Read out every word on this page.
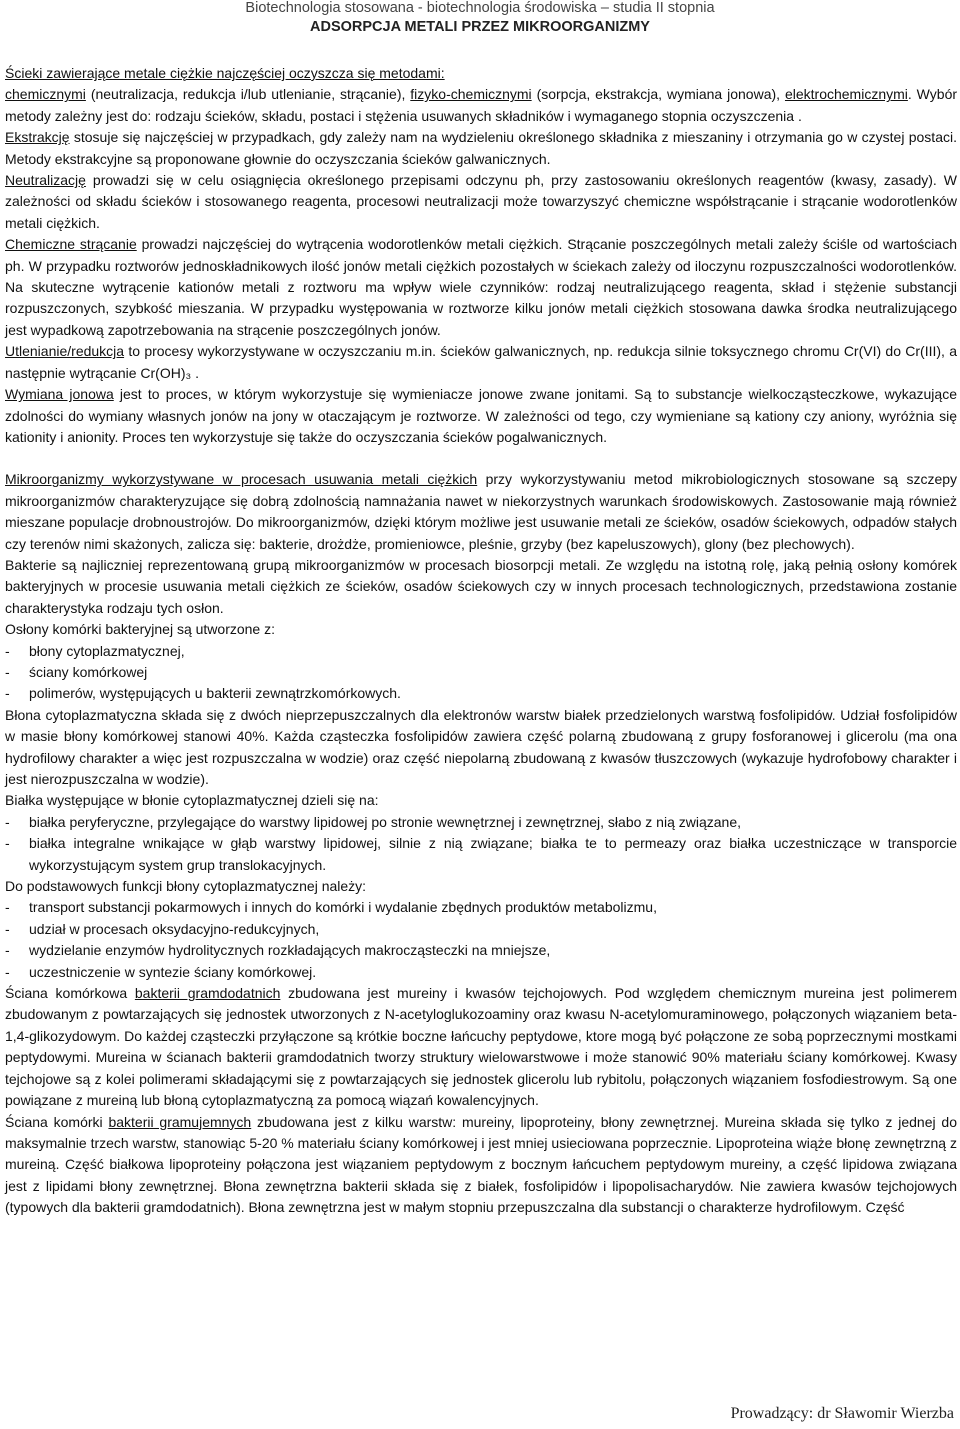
Biotechnologia stosowana - biotechnologia środowiska – studia II stopnia
ADSORPCJA METALI PRZEZ MIKROORGANIZMY

Ścieki zawierające metale ciężkie najczęściej oczyszcza się metodami:

chemicznymi (neutralizacja, redukcja i/lub utlenianie, strącanie), fizyko-chemicznymi (sorpcja, ekstrakcja, wymiana jonowa), elektrochemicznymi. Wybór metody zależny jest do: rodzaju ścieków, składu, postaci i stężenia usuwanych składników i wymaganego stopnia oczyszczenia .

Ekstrakcję stosuje się najczęściej w przypadkach, gdy zależy nam na wydzieleniu określonego składnika z mieszaniny i otrzymania go w czystej postaci. Metody ekstrakcyjne są proponowane głownie do oczyszczania ścieków galwanicznych.

Neutralizację prowadzi się w celu osiągnięcia określonego przepisami odczynu ph, przy zastosowaniu określonych reagentów (kwasy, zasady). W zależności od składu ścieków i stosowanego reagenta, procesowi neutralizacji może towarzyszyć chemiczne współstrącanie i strącanie wodorotlenków metali ciężkich.

Chemiczne strącanie prowadzi najczęściej do wytrącenia wodorotlenków metali ciężkich. Strącanie poszczególnych metali zależy ściśle od wartościach ph. W przypadku roztworów jednoskładnikowych ilość jonów metali ciężkich pozostałych w ściekach zależy od iloczynu rozpuszczalności wodorotlenków. Na skuteczne wytrącenie kationów metali z roztworu ma wpływ wiele czynników: rodzaj neutralizującego reagenta, skład i stężenie substancji rozpuszczonych, szybkość mieszania. W przypadku występowania w roztworze kilku jonów metali ciężkich stosowana dawka środka neutralizującego jest wypadkową zapotrzebowania na strącenie poszczególnych jonów.

Utlenianie/redukcja to procesy wykorzystywane w oczyszczaniu m.in. ścieków galwanicznych, np. redukcja silnie toksycznego chromu Cr(VI) do Cr(III), a następnie wytrącanie Cr(OH)₃ .

Wymiana jonowa jest to proces, w którym wykorzystuje się wymieniacze jonowe zwane jonitami. Są to substancje wielkocząsteczkowe, wykazujące zdolności do wymiany własnych jonów na jony w otaczającym je roztworze. W zależności od tego, czy wymieniane są kationy czy aniony, wyróżnia się kationity i anionity. Proces ten wykorzystuje się także do oczyszczania ścieków pogalwanicznych.

Mikroorganizmy wykorzystywane w procesach usuwania metali ciężkich przy wykorzystywaniu metod mikrobiologicznych stosowane są szczepy mikroorganizmów charakteryzujące się dobrą zdolnością namnażania nawet w niekorzystnych warunkach środowiskowych. Zastosowanie mają również mieszane populacje drobnoustrojów. Do mikroorganizmów, dzięki którym możliwe jest usuwanie metali ze ścieków, osadów ściekowych, odpadów stałych czy terenów nimi skażonych, zalicza się: bakterie, drożdże, promieniowce, pleśnie, grzyby (bez kapeluszowych), glony (bez plechowych).

Bakterie są najliczniej reprezentowaną grupą mikroorganizmów w procesach biosorpcji metali. Ze względu na istotną rolę, jaką pełnią osłony komórek bakteryjnych w procesie usuwania metali ciężkich ze ścieków, osadów ściekowych czy w innych procesach technologicznych, przedstawiona zostanie charakterystyka rodzaju tych osłon.

Osłony komórki bakteryjnej są utworzone z:

- błony cytoplazmatycznej,
- ściany komórkowej
- polimerów, występujących u bakterii zewnątrzkomórkowych.

Błona cytoplazmatyczna składa się z dwóch nieprzepuszczalnych dla elektronów warstw białek przedzielonych warstwą fosfolipidów. Udział fosfolipidów w masie błony komórkowej stanowi 40%. Każda cząsteczka fosfolipidów zawiera część polarną zbudowaną z grupy fosforanowej i glicerolu (ma ona hydrofilowy charakter a więc jest rozpuszczalna w wodzie) oraz część niepolarną zbudowaną z kwasów tłuszczowych (wykazuje hydrofobowy charakter i jest nierozpuszczalna w wodzie).

Białka występujące w błonie cytoplazmatycznej dzieli się na:

- białka peryferyczne, przylegające do warstwy lipidowej po stronie wewnętrznej i zewnętrznej, słabo z nią związane,
- białka integralne wnikające w głąb warstwy lipidowej, silnie z nią związane; białka te to permeazy oraz białka uczestniczące w transporcie wykorzystującym system grup translokacyjnych.

Do podstawowych funkcji błony cytoplazmatycznej należy:

- transport substancji pokarmowych i innych do komórki i wydalanie zbędnych produktów metabolizmu,
- udział w procesach oksydacyjno-redukcyjnych,
- wydzielanie enzymów hydrolitycznych rozkładających makrocząsteczki na mniejsze,
- uczestniczenie w syntezie ściany komórkowej.

Ściana komórkowa bakterii gramdodatnich zbudowana jest mureiny i kwasów tejchojowych. Pod względem chemicznym mureina jest polimerem zbudowanym z powtarzających się jednostek utworzonych z N-acetyloglukozoaminy oraz kwasu N-acetylomuraminowego, połączonych wiązaniem beta-1,4-glikozydowym. Do każdej cząsteczki przyłączone są krótkie boczne łańcuchy peptydowe, ktore mogą być połączone ze sobą poprzecznymi mostkami peptydowymi. Mureina w ścianach bakterii gramdodatnich tworzy struktury wielowarstwowe i może stanowić 90% materiału ściany komórkowej. Kwasy tejchojowe są z kolei polimerami składającymi się z powtarzających się jednostek glicerolu lub rybitolu, połączonych wiązaniem fosfodiestrowym. Są one powiązane z mureiną lub błoną cytoplazmatyczną za pomocą wiązań kowalencyjnych.

Ściana komórki bakterii gramujemnych zbudowana jest z kilku warstw: mureiny, lipoproteiny, błony zewnętrznej. Mureina składa się tylko z jednej do maksymalnie trzech warstw, stanowiąc 5-20 % materiału ściany komórkowej i jest mniej usieciowana poprzecznie. Lipoproteina wiąże błonę zewnętrzną z mureiną. Część białkowa lipoproteiny połączona jest wiązaniem peptydowym z bocznym łańcuchem peptydowym mureiny, a część lipidowa związana jest z lipidami błony zewnętrznej. Błona zewnętrzna bakterii składa się z białek, fosfolipidów i lipopolisacharydów. Nie zawiera kwasów tejchojowych (typowych dla bakterii gramdodatnich). Błona zewnętrzna jest w małym stopniu przepuszczalna dla substancji o charakterze hydrofilowym. Część

Prowadzący: dr Sławomir Wierzba
